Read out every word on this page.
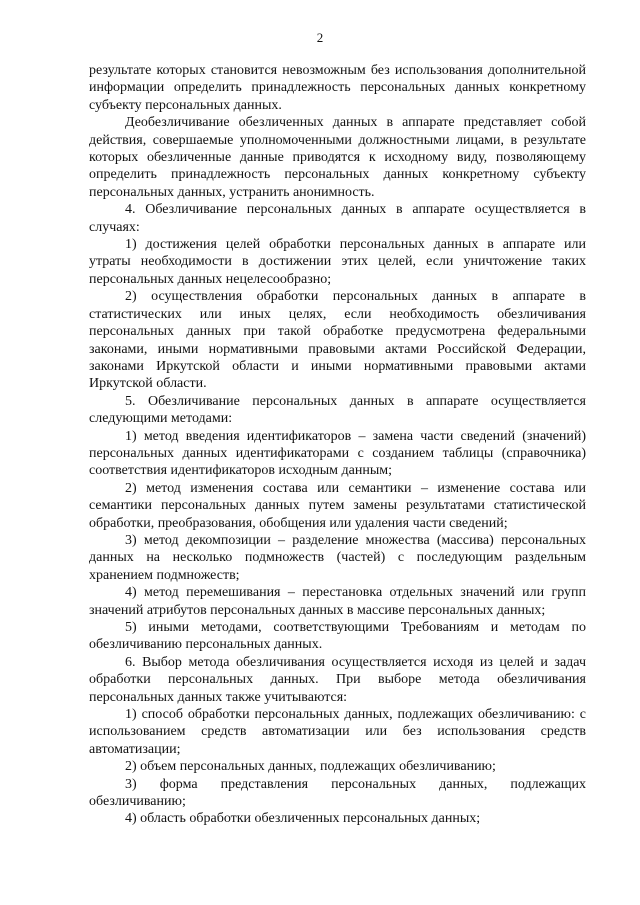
2

результате которых становится невозможным без использования дополнительной информации определить принадлежность персональных данных конкретному субъекту персональных данных.

Деобезличивание обезличенных данных в аппарате представляет собой действия, совершаемые уполномоченными должностными лицами, в результате которых обезличенные данные приводятся к исходному виду, позволяющему определить принадлежность персональных данных конкретному субъекту персональных данных, устранить анонимность.

4. Обезличивание персональных данных в аппарате осуществляется в случаях:

1) достижения целей обработки персональных данных в аппарате или утраты необходимости в достижении этих целей, если уничтожение таких персональных данных нецелесообразно;

2) осуществления обработки персональных данных в аппарате в статистических или иных целях, если необходимость обезличивания персональных данных при такой обработке предусмотрена федеральными законами, иными нормативными правовыми актами Российской Федерации, законами Иркутской области и иными нормативными правовыми актами Иркутской области.

5. Обезличивание персональных данных в аппарате осуществляется следующими методами:

1) метод введения идентификаторов – замена части сведений (значений) персональных данных идентификаторами с созданием таблицы (справочника) соответствия идентификаторов исходным данным;

2) метод изменения состава или семантики – изменение состава или семантики персональных данных путем замены результатами статистической обработки, преобразования, обобщения или удаления части сведений;

3) метод декомпозиции – разделение множества (массива) персональных данных на несколько подмножеств (частей) с последующим раздельным хранением подмножеств;

4) метод перемешивания – перестановка отдельных значений или групп значений атрибутов персональных данных в массиве персональных данных;

5) иными методами, соответствующими Требованиям и методам по обезличиванию персональных данных.

6. Выбор метода обезличивания осуществляется исходя из целей и задач обработки персональных данных. При выборе метода обезличивания персональных данных также учитываются:

1) способ обработки персональных данных, подлежащих обезличиванию: с использованием средств автоматизации или без использования средств автоматизации;

2) объем персональных данных, подлежащих обезличиванию;

3) форма представления персональных данных, подлежащих обезличиванию;

4) область обработки обезличенных персональных данных;
